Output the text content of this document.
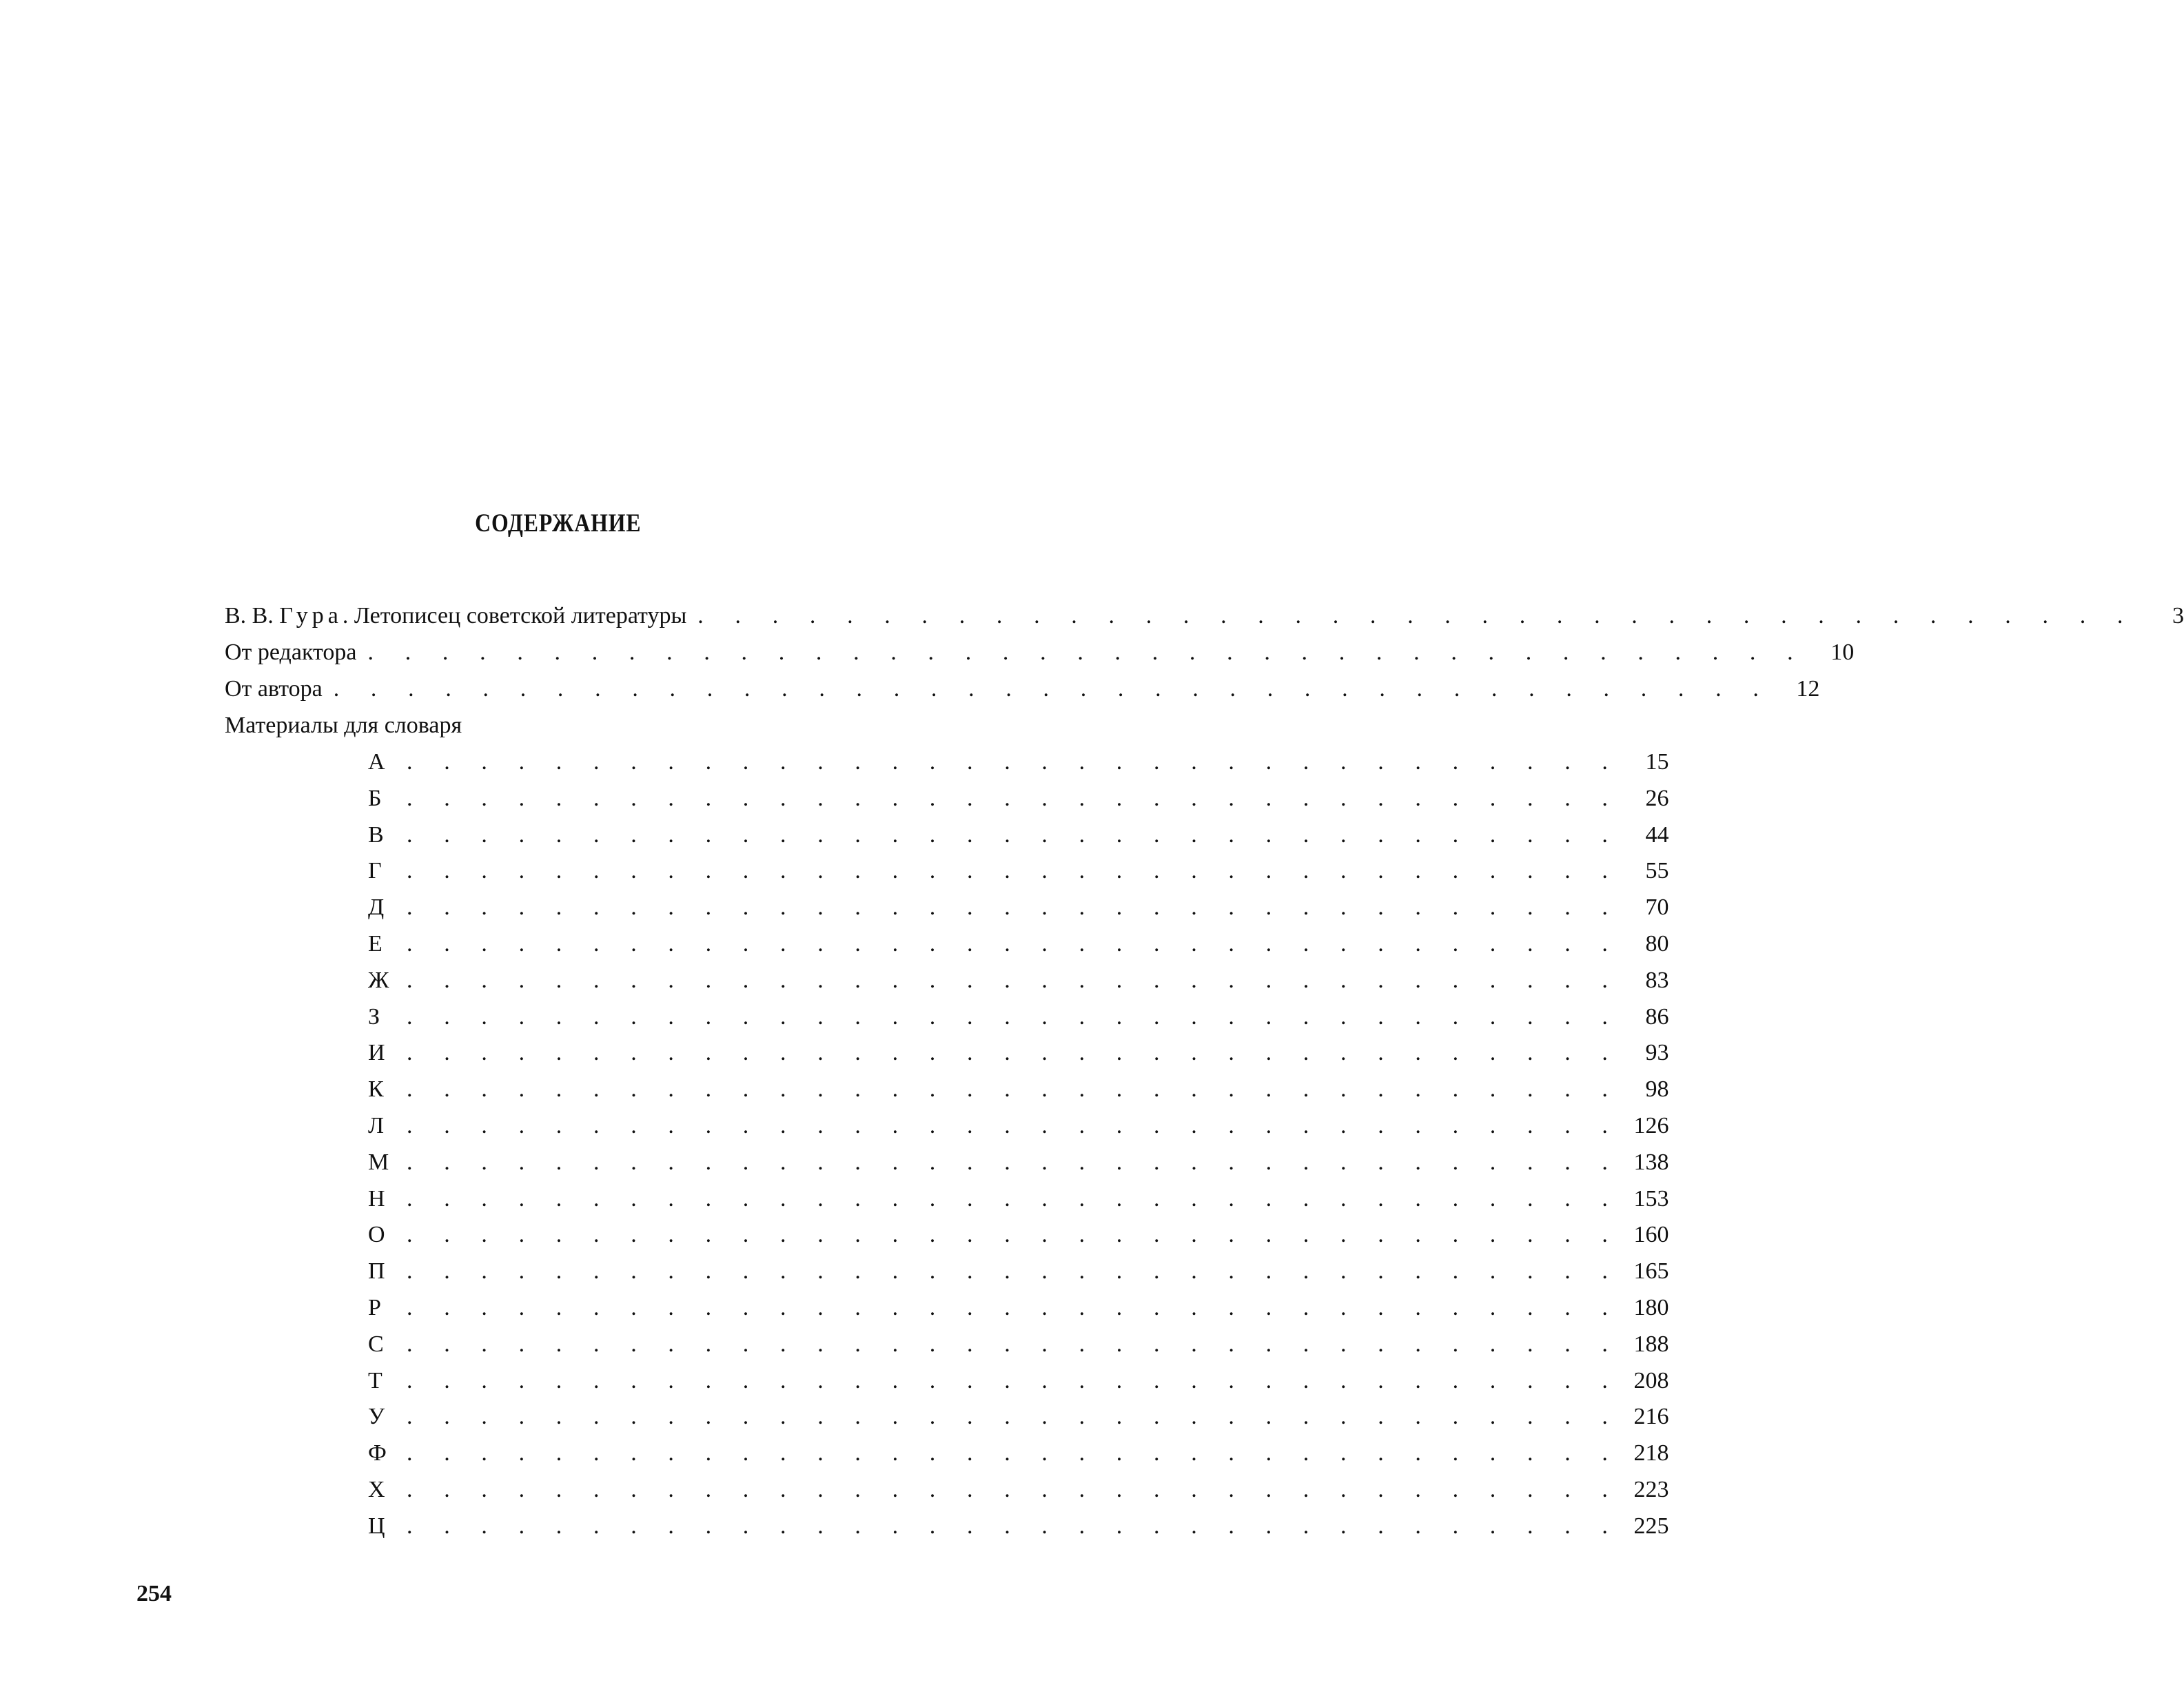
СОДЕРЖАНИЕ
В. В. Гура. Летописец советской литературы . . . . . . . . . . . . . . . . . . . . . . . . . . . . . . . . . . . . . . .	3
От редактора . . . . . . . . . . . . . . . . . . . . . . . . . . . . . . . . . . . . . . .	10
От автора . . . . . . . . . . . . . . . . . . . . . . . . . . . . . . . . . . . . . . .	12
Материалы для словаря
А . . . . . . . . . . . . . . . . . . . . . . . . . . . . . . . . .	15
Б	. . . . . . . . . . . . . . . . . . . . . . . . . . . . . . . . .	26
В . . . . . . . . . . . . . . . . . . . . . . . . . . . . . . . . .	44
Г	. . . . . . . . . . . . . . . . . . . . . . . . . . . . . . . . .	55
Д . . . . . . . . . . . . . . . . . . . . . . . . . . . . . . . . .	70
Е	. . . . . . . . . . . . . . . . . . . . . . . . . . . . . . . . .	80
Ж . . . . . . . . . . . . . . . . . . . . . . . . . . . . . . . . .	83
З	. . . . . . . . . . . . . . . . . . . . . . . . . . . . . . . . .	86
И . . . . . . . . . . . . . . . . . . . . . . . . . . . . . . . . .	93
К . . . . . . . . . . . . . . . . . . . . . . . . . . . . . . . . .	98
Л . . . . . . . . . . . . . . . . . . . . . . . . . . . . . . . . . 126
М . . . . . . . . . . . . . . . . . . . . . . . . . . . . . . . . . 138
Н . . . . . . . . . . . . . . . . . . . . . . . . . . . . . . . . . 153
О . . . . . . . . . . . . . . . . . . . . . . . . . . . . . . . . . 160
П . . . . . . . . . . . . . . . . . . . . . . . . . . . . . . . . . 165
Р	. . . . . . . . . . . . . . . . . . . . . . . . . . . . . . . . . 180
С . . . . . . . . . . . . . . . . . . . . . . . . . . . . . . . . . 188
Т	. . . . . . . . . . . . . . . . . . . . . . . . . . . . . . . . . 208
У . . . . . . . . . . . . . . . . . . . . . . . . . . . . . . . . . 216
Ф . . . . . . . . . . . . . . . . . . . . . . . . . . . . . . . . . 218
Х . . . . . . . . . . . . . . . . . . . . . . . . . . . . . . . . . 223
Ц . . . . . . . . . . . . . . . . . . . . . . . . . . . . . . . . . 225
254
